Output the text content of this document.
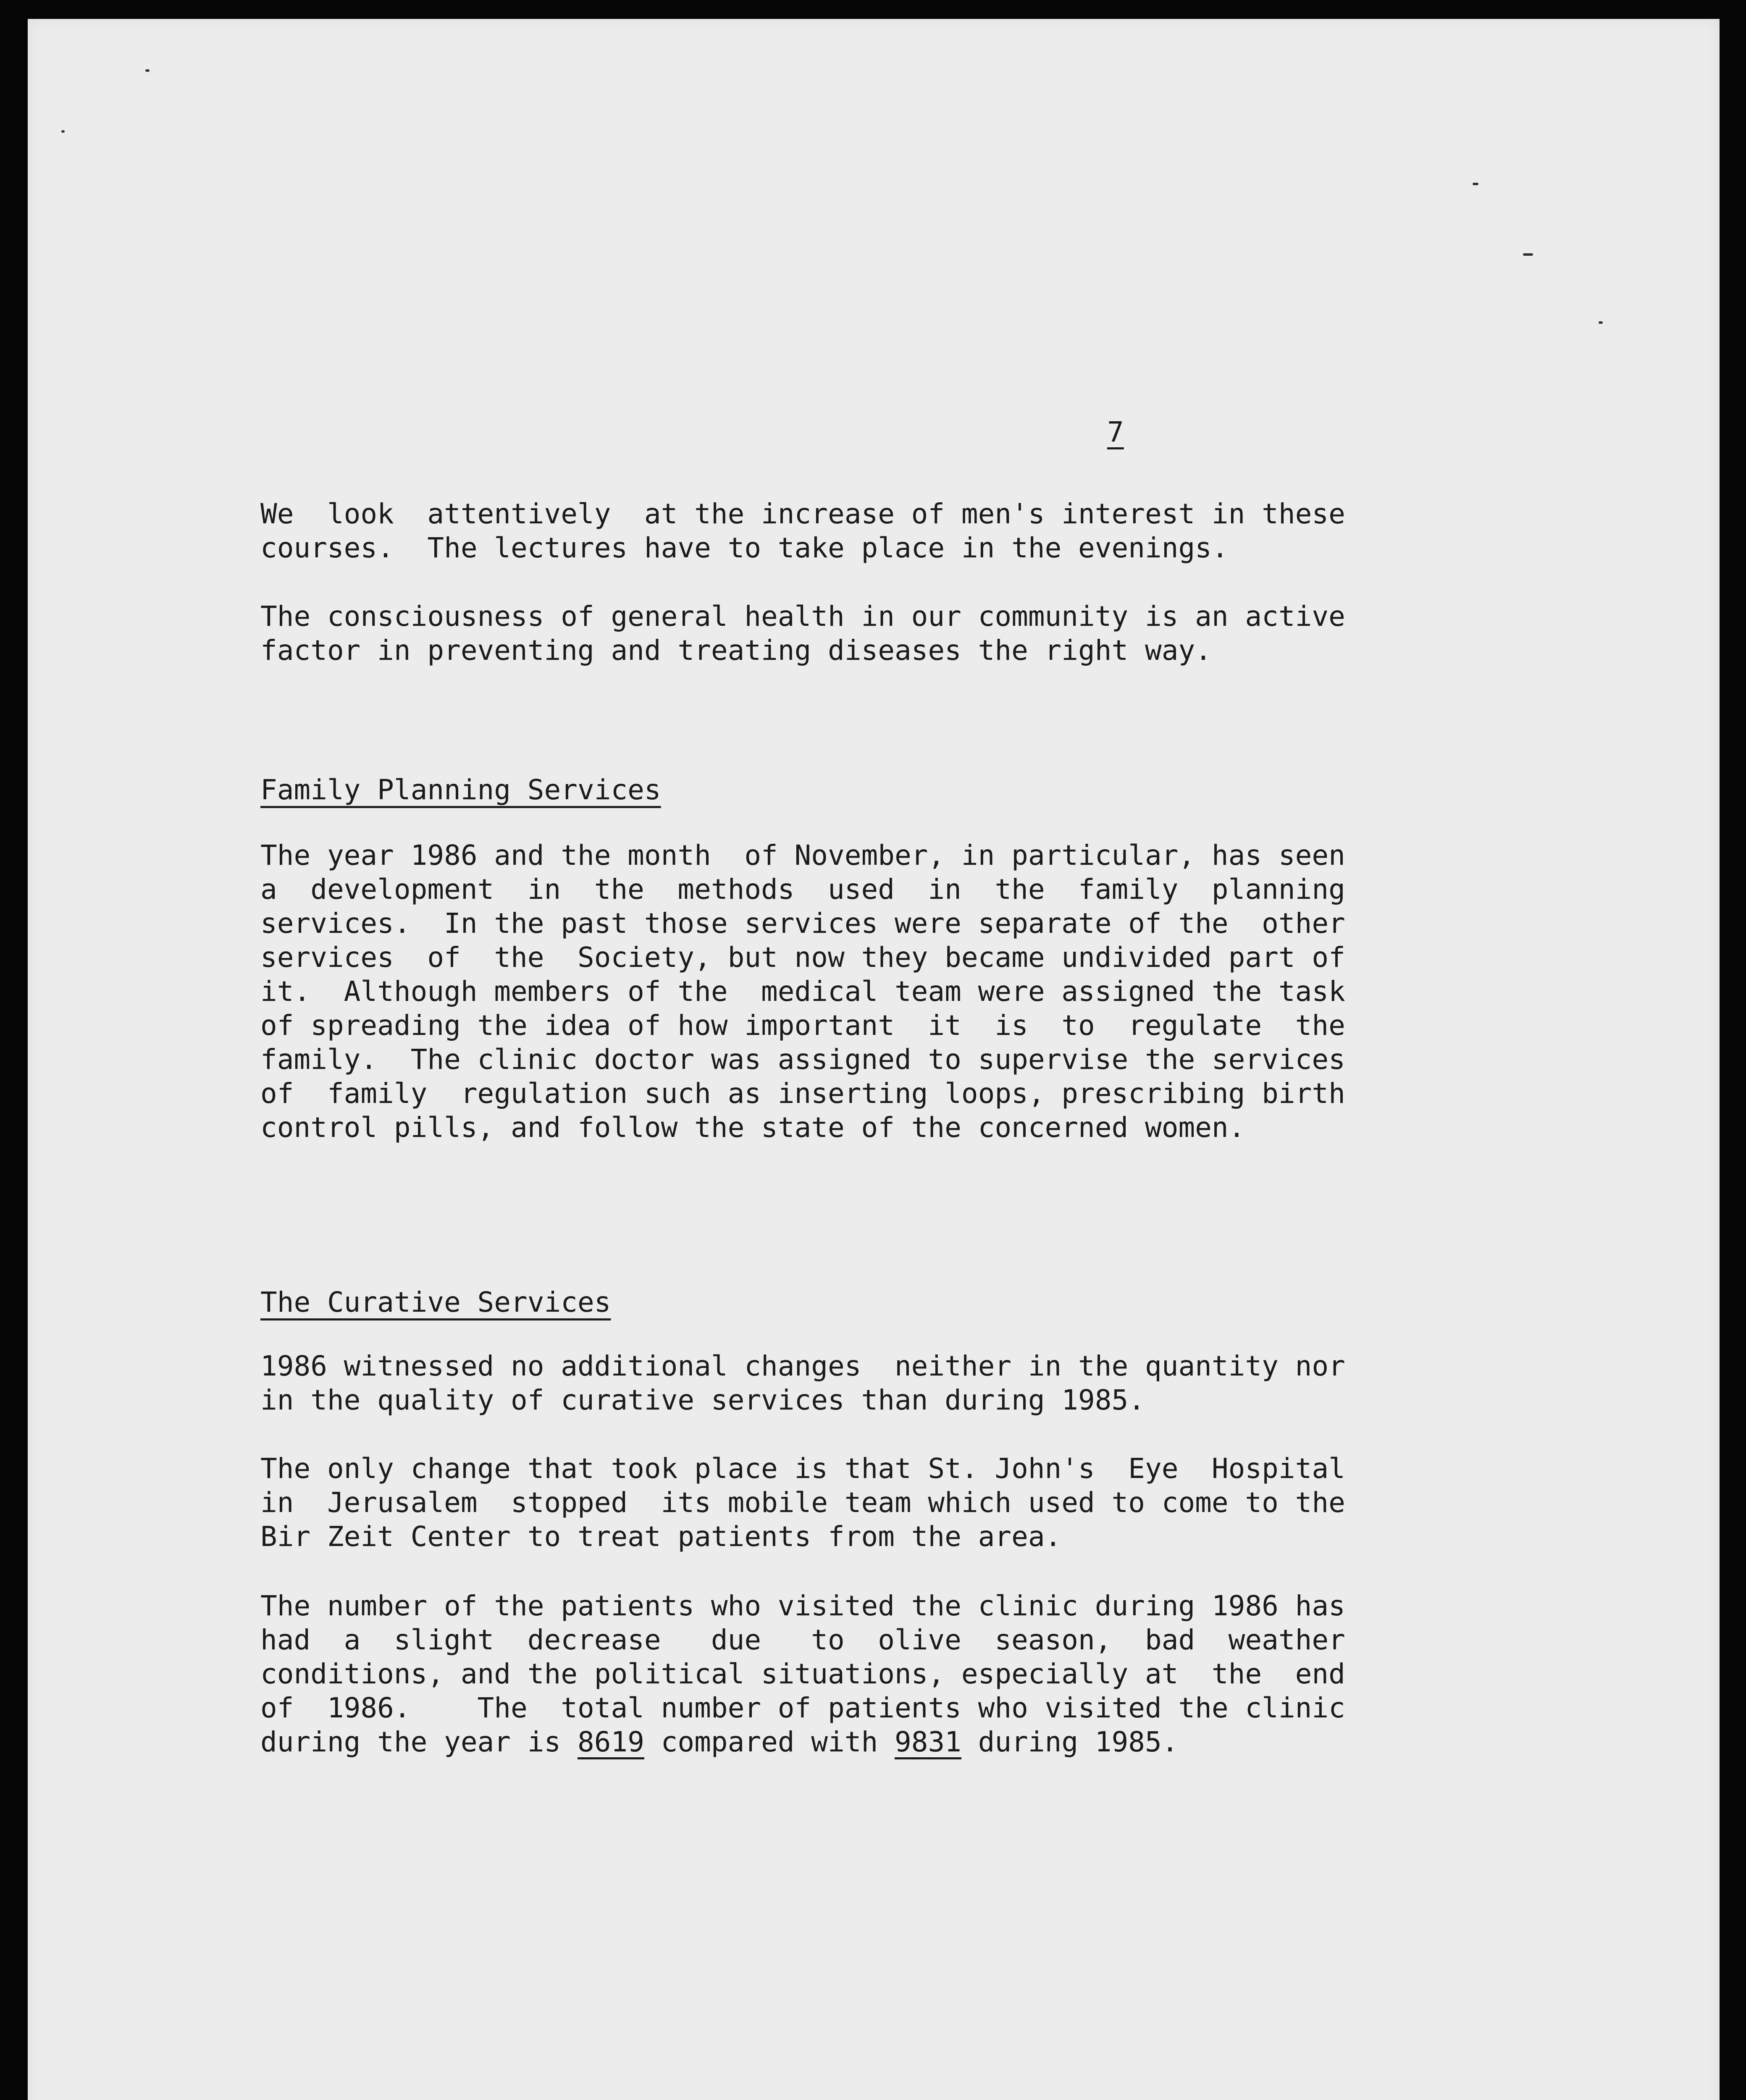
7
We  look  attentively  at the increase of men's interest in these
courses.  The lectures have to take place in the evenings.
The consciousness of general health in our community is an active
factor in preventing and treating diseases the right way.
Family Planning Services
The year 1986 and the month  of November, in particular, has seen
a  development  in  the  methods  used  in  the  family  planning
services.  In the past those services were separate of the  other
services  of  the  Society, but now they became undivided part of
it.  Although members of the  medical team were assigned the task
of spreading the idea of how important  it  is  to  regulate  the
family.  The clinic doctor was assigned to supervise the services
of  family  regulation such as inserting loops, prescribing birth
control pills, and follow the state of the concerned women.
The Curative Services
1986 witnessed no additional changes  neither in the quantity nor
in the quality of curative services than during 1985.
The only change that took place is that St. John's  Eye  Hospital
in  Jerusalem  stopped  its mobile team which used to come to the
Bir Zeit Center to treat patients from the area.
The number of the patients who visited the clinic during 1986 has
had  a  slight  decrease   due   to  olive  season,  bad  weather
conditions, and the political situations, especially at  the  end
of  1986.    The  total number of patients who visited the clinic
during the year is 8619 compared with 9831 during 1985.
